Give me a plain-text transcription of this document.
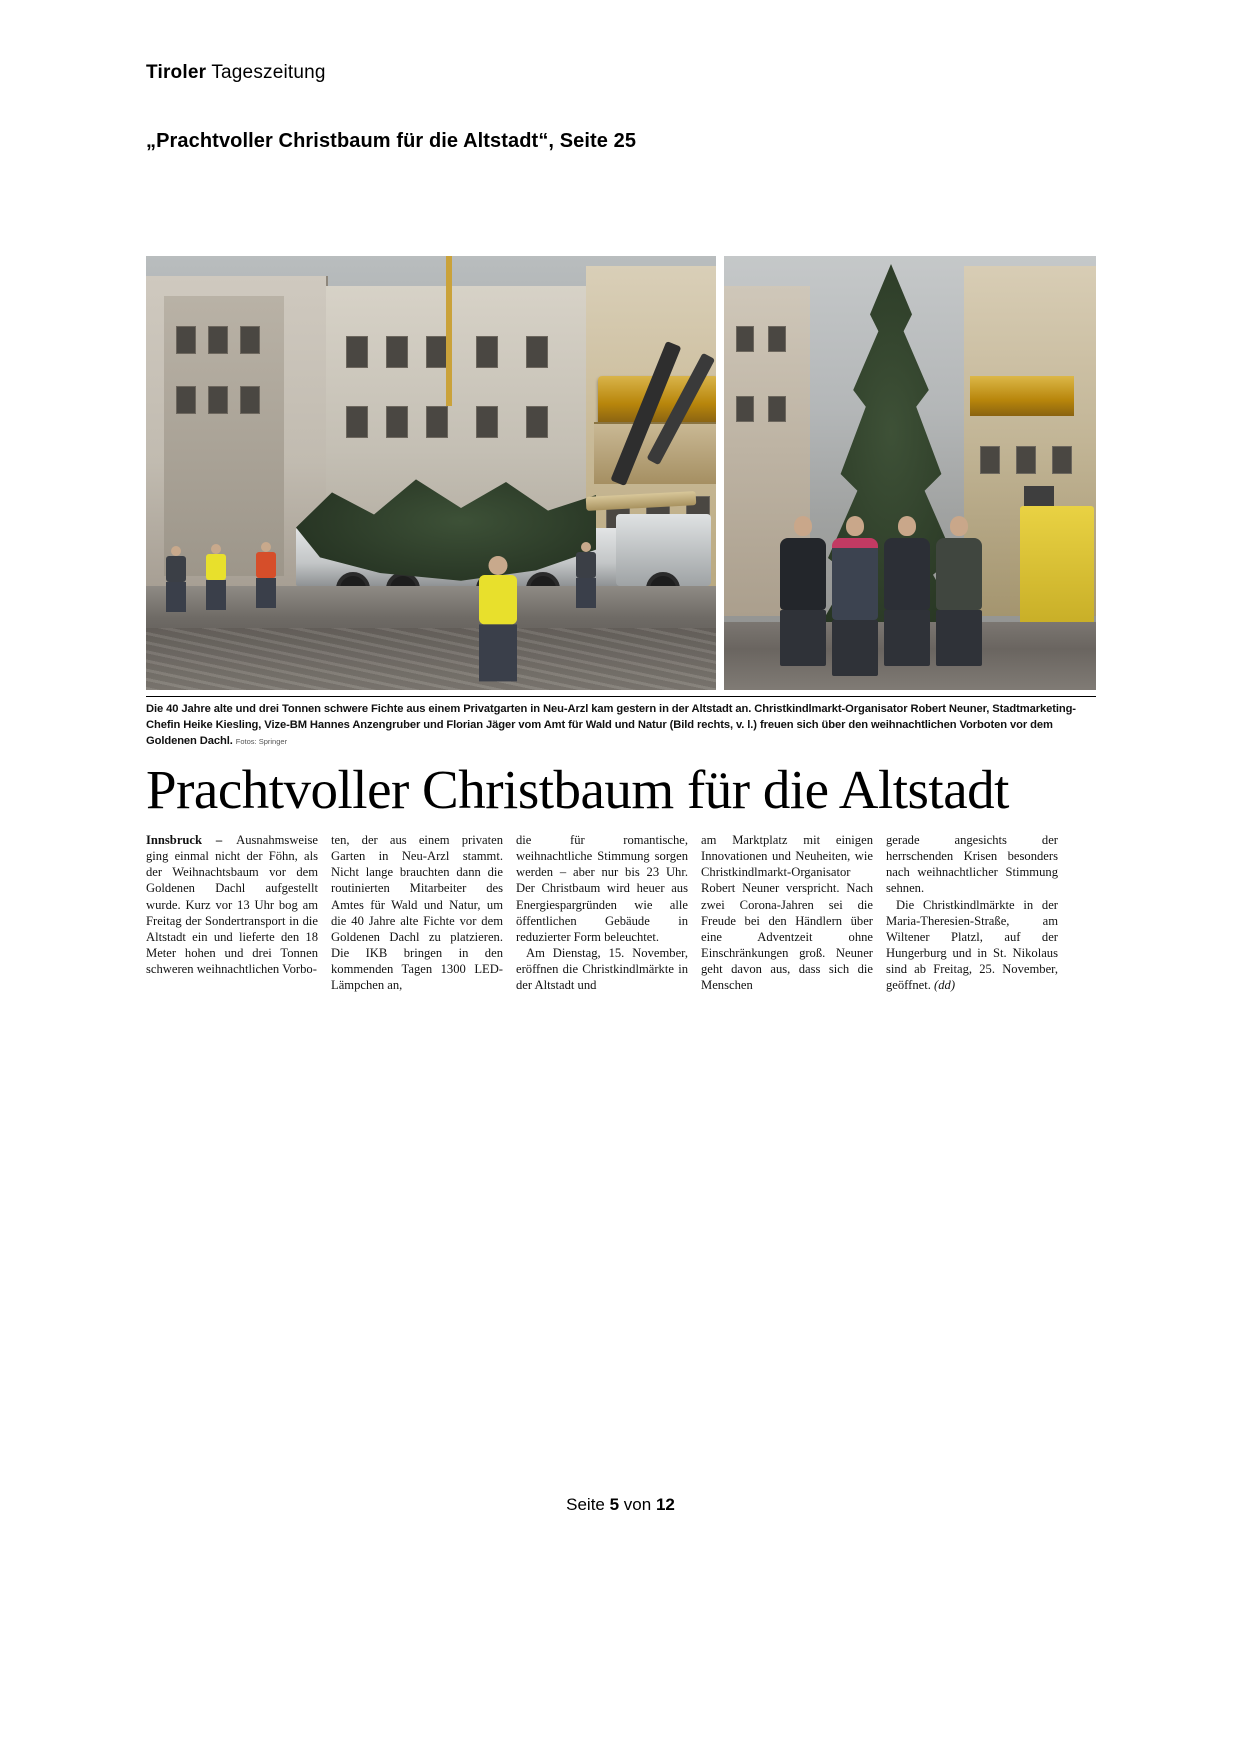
Tiroler Tageszeitung
„Prachtvoller Christbaum für die Altstadt“, Seite 25
Die 40 Jahre alte und drei Tonnen schwere Fichte aus einem Privatgarten in Neu-Arzl kam gestern in der Altstadt an. Christkindlmarkt-Organisator Robert Neuner, Stadtmarketing-Chefin Heike Kiesling, Vize-BM Hannes Anzengruber und Florian Jäger vom Amt für Wald und Natur (Bild rechts, v. l.) freuen sich über den weihnachtlichen Vorboten vor dem Goldenen Dachl. Fotos: Springer
Prachtvoller Christbaum für die Altstadt

Innsbruck – Ausnahmsweise ging einmal nicht der Föhn, als der Weihnachtsbaum vor dem Goldenen Dachl aufgestellt wurde. Kurz vor 13 Uhr bog am Freitag der Sondertransport in die Altstadt ein und lieferte den 18 Meter hohen und drei Tonnen schweren weihnachtlichen Vorbo-

ten, der aus einem privaten Garten in Neu-Arzl stammt. Nicht lange brauchten dann die routinierten Mitarbeiter des Amtes für Wald und Natur, um die 40 Jahre alte Fichte vor dem Goldenen Dachl zu platzieren. Die IKB bringen in den kommenden Tagen 1300 LED-Lämpchen an,

die für romantische, weihnachtliche Stimmung sorgen werden – aber nur bis 23 Uhr. Der Christbaum wird heuer aus Energiespargründen wie alle öffentlichen Gebäude in reduzierter Form beleuchtet.

Am Dienstag, 15. November, eröffnen die Christkindlmärkte in der Altstadt und

am Marktplatz mit einigen Innovationen und Neuheiten, wie Christkindlmarkt-Organisator Robert Neuner verspricht. Nach zwei Corona-Jahren sei die Freude bei den Händlern über eine Adventzeit ohne Einschränkungen groß. Neuner geht davon aus, dass sich die Menschen

gerade angesichts der herrschenden Krisen besonders nach weihnachtlicher Stimmung sehnen.

Die Christkindlmärkte in der Maria-Theresien-Straße, am Wiltener Platzl, auf der Hungerburg und in St. Nikolaus sind ab Freitag, 25. November, geöffnet. (dd)

Seite 5 von 12
